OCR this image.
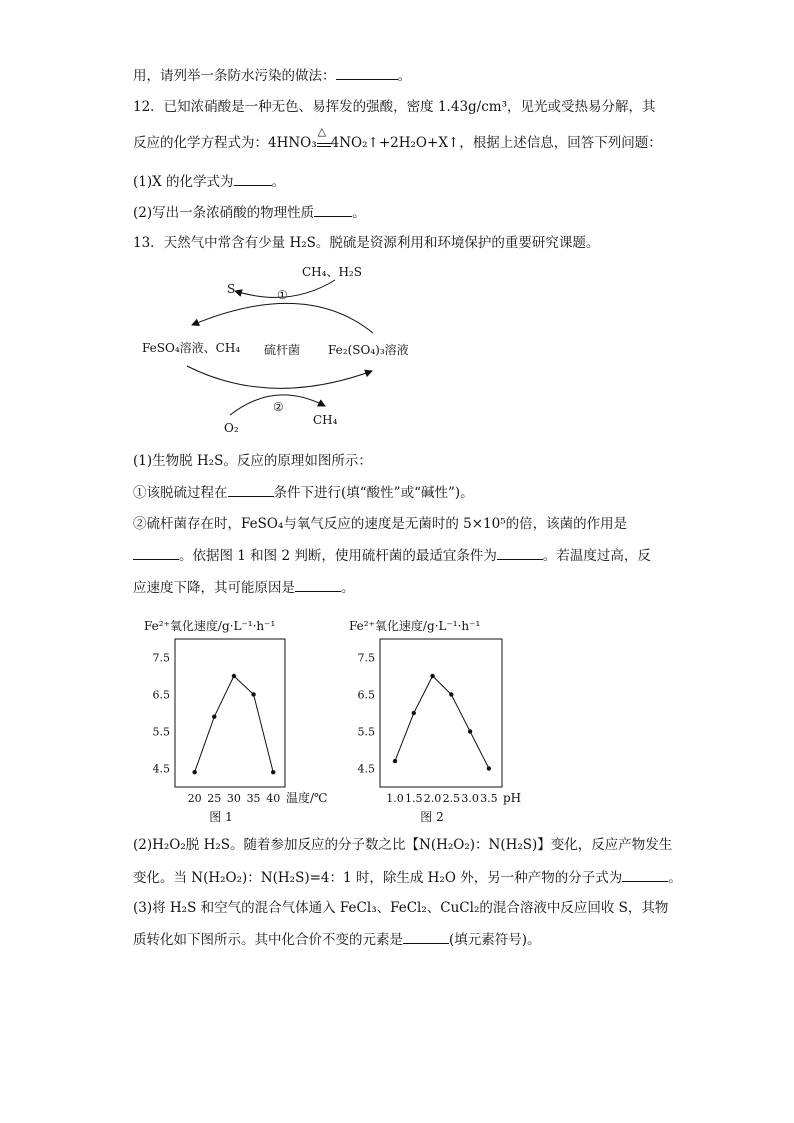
用，请列举一条防水污染的做法：	。
12．已知浓硝酸是一种无色、易挥发的强酸，密度 1.43g/cm³，见光或受热易分解，其
反应的化学方程式为：4HNO₃
△
4NO₂↑+2H₂O+X↑，根据上述信息，回答下列问题：
(1)X 的化学式为	。
(2)写出一条浓硝酸的物理性质	。
13．天然气中常含有少量 H₂S。脱硫是资源利用和环境保护的重要研究课题。
CH₄、H₂S
S	①
FeSO₄溶液、CH₄ 硫杆菌 Fe₂(SO₄)₃溶液
O₂
CH₄
②
(1)生物脱 H₂S。反应的原理如图所示：
①该脱硫过程在	条件下进行(填“酸性”或“碱性”)。
②硫杆菌存在时，FeSO₄与氧气反应的速度是无菌时的 5×10⁵的倍，该菌的作用是
。依据图 1 和图 2 判断，使用硫杆菌的最适宜条件为	。若温度过高，反
应速度下降，其可能原因是	。
Fe²⁺氧化速度/g·L⁻¹·h⁻¹
7.5
6.5
5.5
4.5
20 25 30 35 40 温度/℃
图 1
Fe²⁺氧化速度/g·L⁻¹·h⁻¹
7.5
6.5
5.5
4.5
1.0 1.5 2.0 2.5 3.0 3.5 pH
图 2
(2)H₂O₂脱 H₂S。随着参加反应的分子数之比【N(H₂O₂)：N(H₂S)】变化，反应产物发生
变化。当 N(H₂O₂)：N(H₂S)=4：1 时，除生成 H₂O 外，另一种产物的分子式为	。
(3)将 H₂S 和空气的混合气体通入 FeCl₃、FeCl₂、CuCl₂的混合溶液中反应回收 S，其物
质转化如下图所示。其中化合价不变的元素是	(填元素符号)。
